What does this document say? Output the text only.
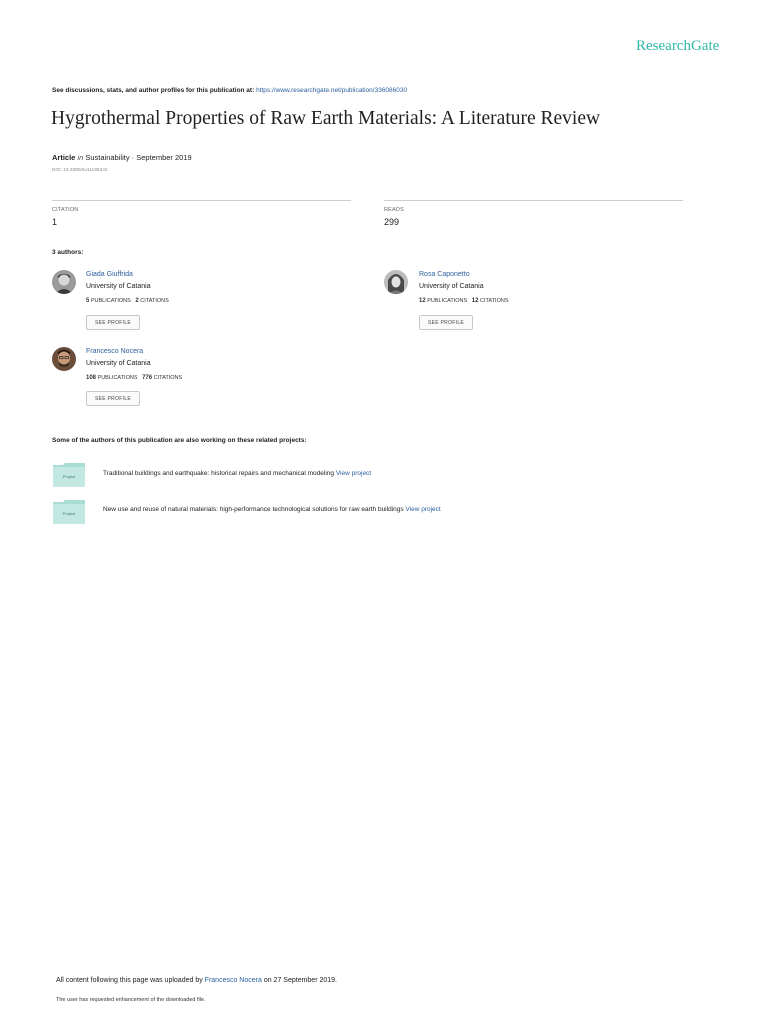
ResearchGate
See discussions, stats, and author profiles for this publication at: https://www.researchgate.net/publication/336086030
Hygrothermal Properties of Raw Earth Materials: A Literature Review
Article in Sustainability · September 2019
DOI: 10.3390/su11195342
CITATION
1
READS
299
3 authors:
Giada Giuffrida
University of Catania
5 PUBLICATIONS 2 CITATIONS
SEE PROFILE
Rosa Caponetto
University of Catania
12 PUBLICATIONS 12 CITATIONS
SEE PROFILE
Francesco Nocera
University of Catania
108 PUBLICATIONS 776 CITATIONS
SEE PROFILE
Some of the authors of this publication are also working on these related projects:
Project	Traditional buildings and earthquake: historical repairs and mechanical modeling View project
Project
New use and reuse of natural materials: high-performance technological solutions for raw earth buildings View project
All content following this page was uploaded by Francesco Nocera on 27 September 2019.
The user has requested enhancement of the downloaded file.
